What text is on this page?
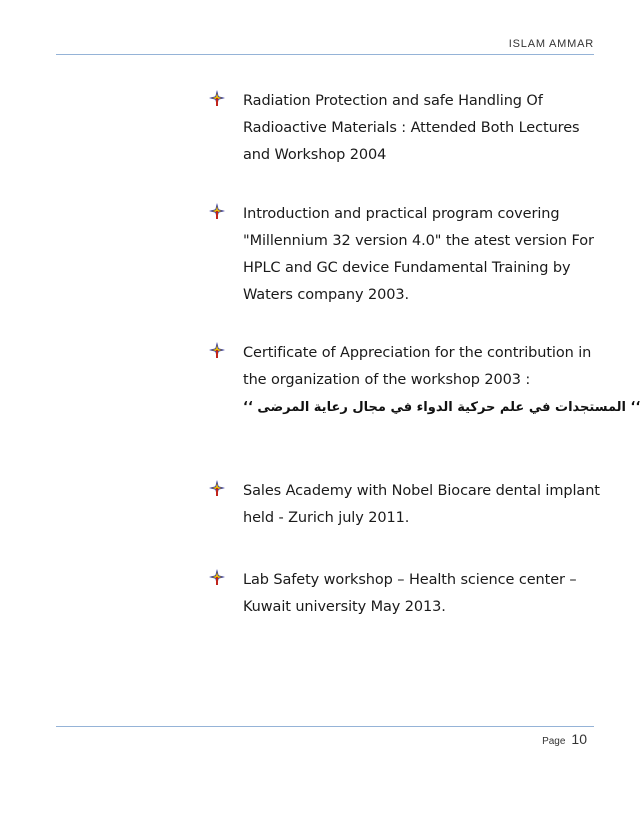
ISLAM AMMAR
Radiation Protection and safe Handling Of
Radioactive Materials : Attended Both Lectures
and Workshop 2004
Introduction and practical program covering
"Millennium 32 version 4.0" the atest version For
HPLC and GC device Fundamental Training by
Waters company 2003.
Certificate of Appreciation for the contribution in
the organization of the workshop 2003 :
‘‘ المستجدات في علم حركية الدواء في مجال رعاية المرضى ‘‘
Sales Academy with Nobel Biocare dental implant
held - Zurich july 2011.
Lab Safety workshop – Health science center –
Kuwait university May 2013.
Page 10
